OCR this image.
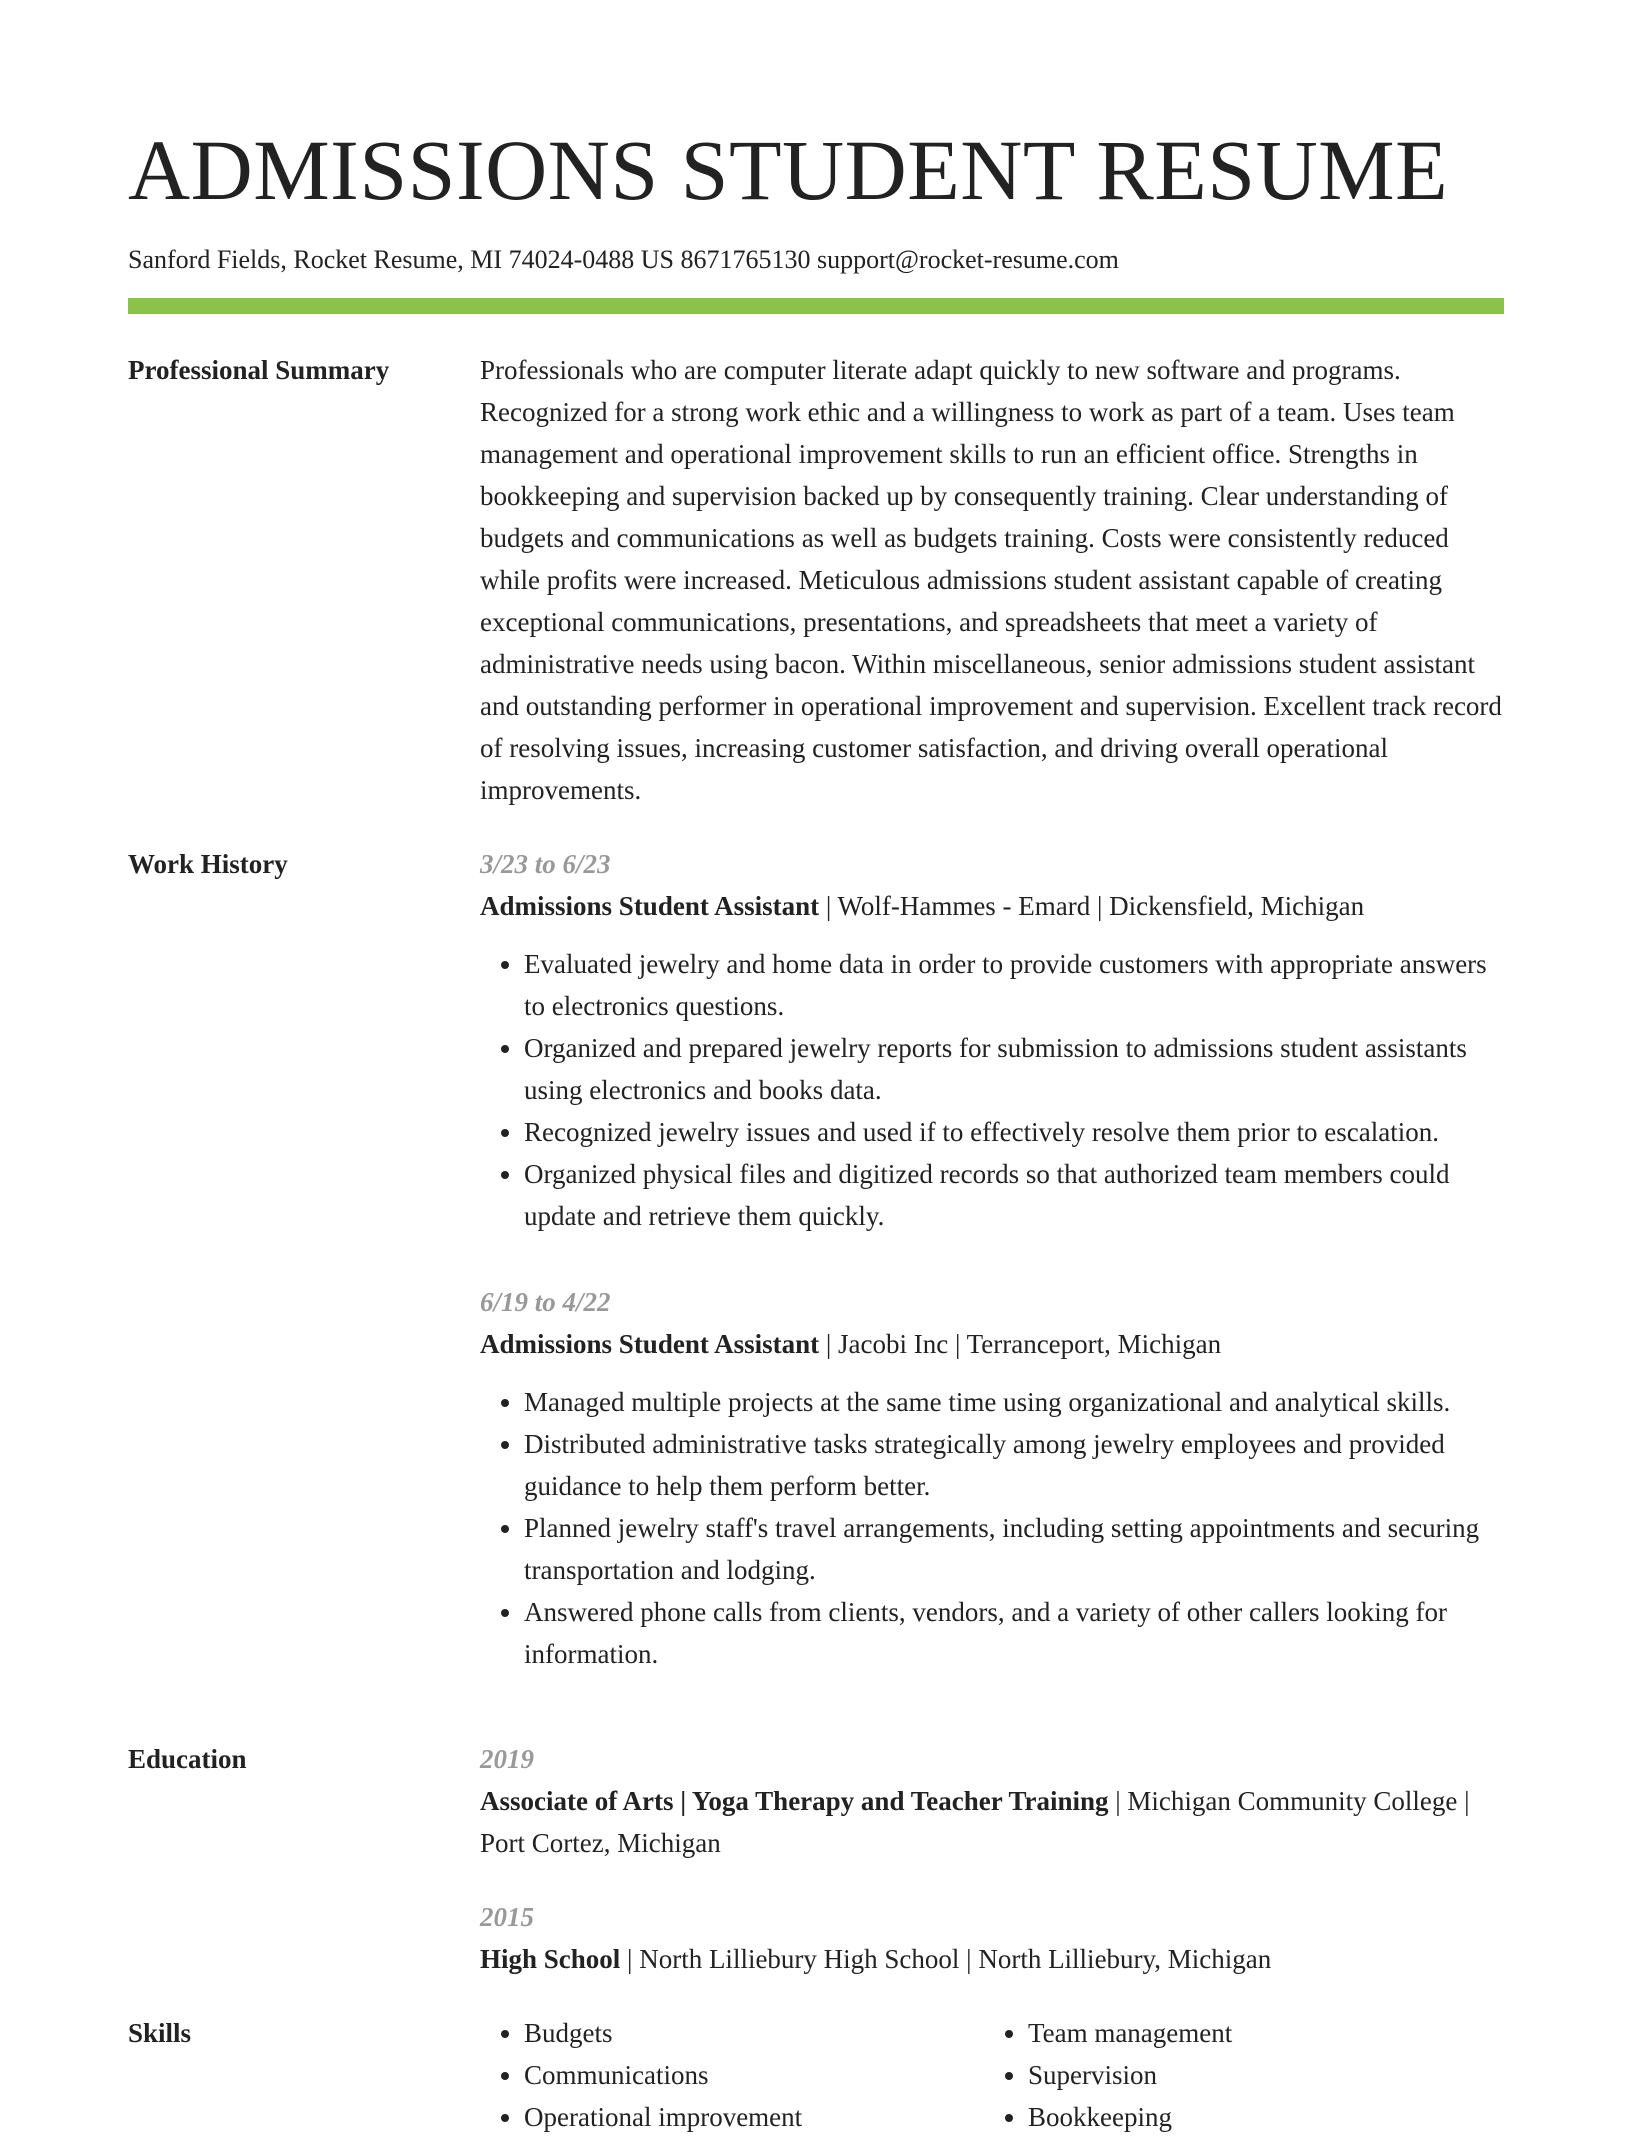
ADMISSIONS STUDENT RESUME
Sanford Fields, Rocket Resume, MI 74024-0488 US 8671765130 support@rocket-resume.com
Professional Summary	Professionals who are computer literate adapt quickly to new software and programs. Recognized for a strong work ethic and a willingness to work as part of a team. Uses team management and operational improvement skills to run an efficient office. Strengths in bookkeeping and supervision backed up by consequently training. Clear understanding of budgets and communications as well as budgets training. Costs were consistently reduced while profits were increased. Meticulous admissions student assistant capable of creating exceptional communications, presentations, and spreadsheets that meet a variety of administrative needs using bacon. Within miscellaneous, senior admissions student assistant and outstanding performer in operational improvement and supervision. Excellent track record of resolving issues, increasing customer satisfaction, and driving overall operational improvements.

Work History	3/23 to 6/23
Admissions Student Assistant | Wolf-Hammes - Emard | Dickensfield, Michigan
• Evaluated jewelry and home data in order to provide customers with appropriate answers to electronics questions.
• Organized and prepared jewelry reports for submission to admissions student assistants using electronics and books data.
• Recognized jewelry issues and used if to effectively resolve them prior to escalation.
• Organized physical files and digitized records so that authorized team members could update and retrieve them quickly.
6/19 to 4/22
Admissions Student Assistant | Jacobi Inc | Terranceport, Michigan
• Managed multiple projects at the same time using organizational and analytical skills.
• Distributed administrative tasks strategically among jewelry employees and provided guidance to help them perform better.
• Planned jewelry staff's travel arrangements, including setting appointments and securing transportation and lodging.
• Answered phone calls from clients, vendors, and a variety of other callers looking for information.
Education	2019
Associate of Arts | Yoga Therapy and Teacher Training | Michigan Community College | Port Cortez, Michigan
2015
High School | North Lilliebury High School | North Lilliebury, Michigan
Skills
•	Budgets
• Communications
• Operational improvement
• Team management
• Supervision
• Bookkeeping
